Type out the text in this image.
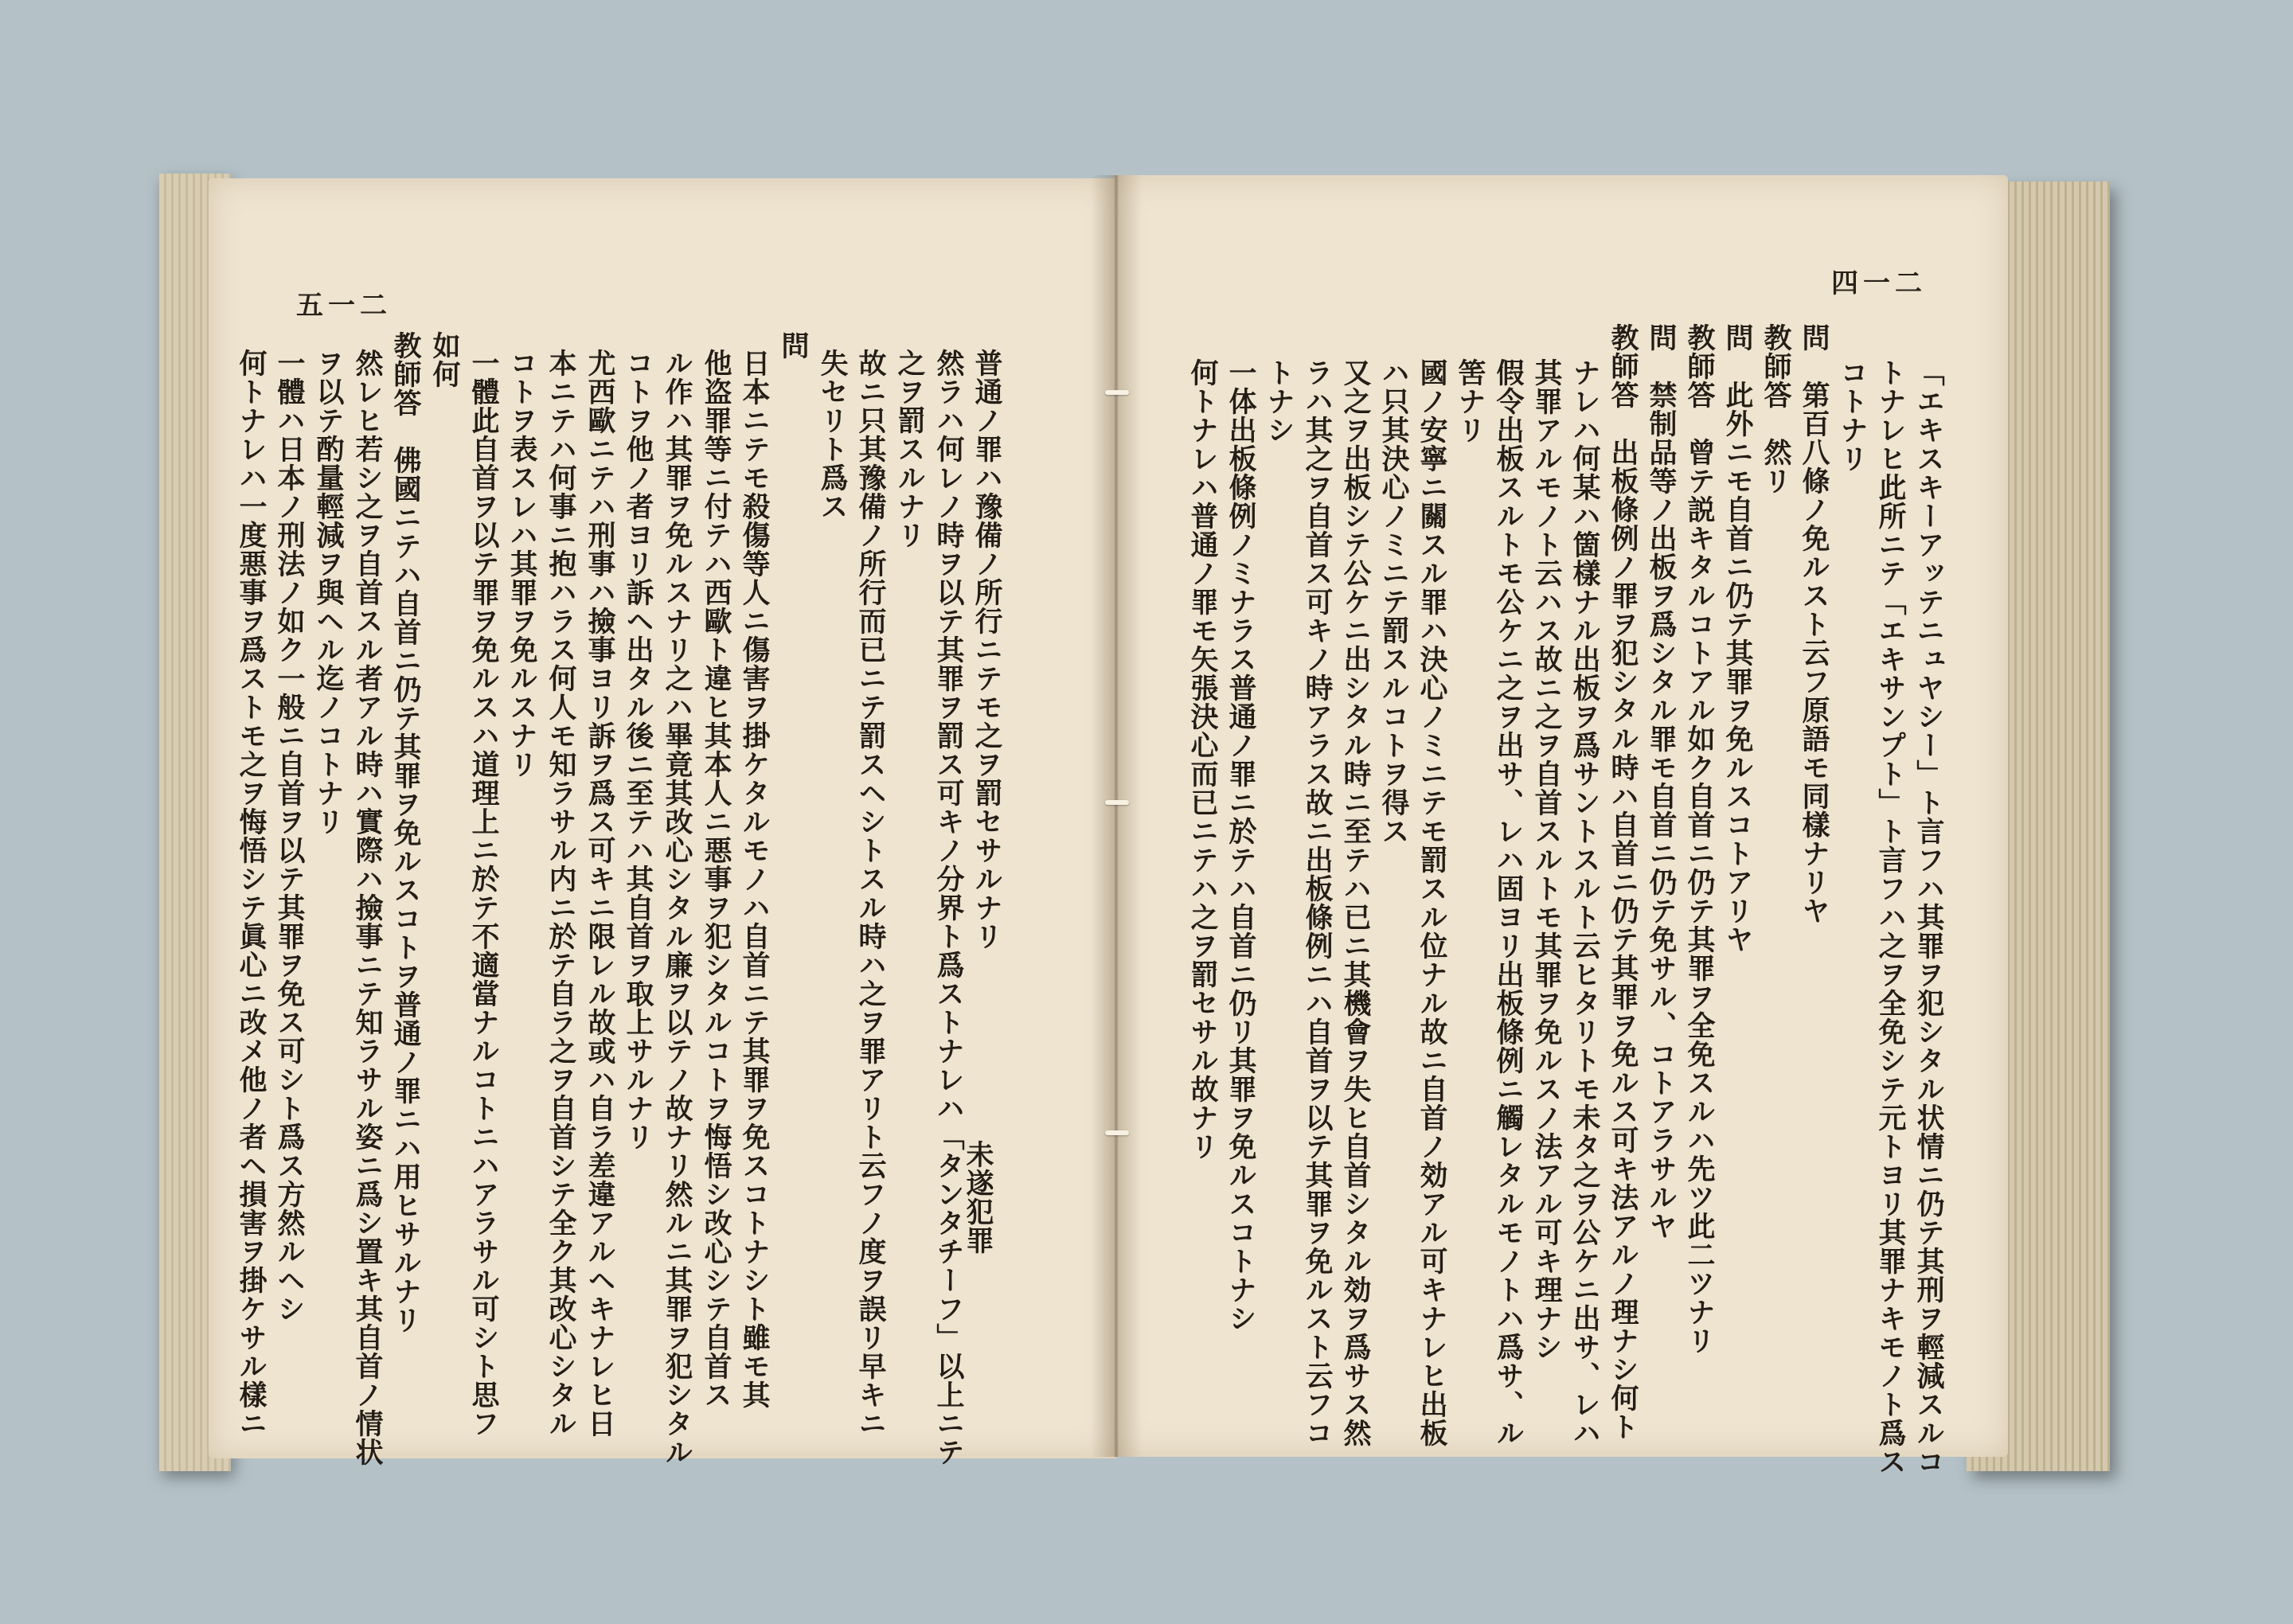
五一二
普通ノ罪ハ豫備ノ所行ニテモ之ヲ罰セサルナリ
然ラハ何レノ時ヲ以テ其罪ヲ罰ス可キノ分界ト爲ストナレハ「タンタチーフ」以上ニテ
之ヲ罰スルナリ
故ニ只其豫備ノ所行而已ニテ罰スヘシトスル時ハ之ヲ罪アリト云フノ度ヲ誤リ早キニ
失セリト爲ス
問
日本ニテモ殺傷等人ニ傷害ヲ掛ケタルモノハ自首ニテ其罪ヲ免スコトナシト雖モ其
他盗罪等ニ付テハ西歐ト違ヒ其本人ニ悪事ヲ犯シタルコトヲ悔悟シ改心シテ自首ス
ル作ハ其罪ヲ免ルスナリ之ハ畢竟其改心シタル廉ヲ以テノ故ナリ然ルニ其罪ヲ犯シタル
コトヲ他ノ者ヨリ訴ヘ出タル後ニ至テハ其自首ヲ取上サルナリ
尤西歐ニテハ刑事ハ撿事ヨリ訴ヲ爲ス可キニ限レル故或ハ自ラ差違アルヘキナレヒ日
本ニテハ何事ニ抱ハラス何人モ知ラサル内ニ於テ自ラ之ヲ自首シテ全ク其改心シタル
コトヲ表スレハ其罪ヲ免ルスナリ
一體此自首ヲ以テ罪ヲ免ルスハ道理上ニ於テ不適當ナルコトニハアラサル可シト思フ
如何
教師答　佛國ニテハ自首ニ仍テ其罪ヲ免ルスコトヲ普通ノ罪ニハ用ヒサルナリ
然レヒ若シ之ヲ自首スル者アル時ハ實際ハ撿事ニテ知ラサル姿ニ爲シ置キ其自首ノ情状
ヲ以テ酌量輕減ヲ與ヘル迄ノコトナリ
一體ハ日本ノ刑法ノ如ク一般ニ自首ヲ以テ其罪ヲ免ス可シト爲ス方然ルヘシ
何トナレハ一度悪事ヲ爲ストモ之ヲ悔悟シテ眞心ニ改メ他ノ者ヘ損害ヲ掛ケサル樣ニ	未遂犯罪
四一二
「エキスキーアッテニュヤシー」ト言フハ其罪ヲ犯シタル状情ニ仍テ其刑ヲ輕減スルコ
トナレヒ此所ニテ「エキサンプト」ト言フハ之ヲ全免シテ元トヨリ其罪ナキモノト爲ス
コトナリ
問　第百八條ノ免ルスト云フ原語モ同樣ナリヤ
教師答　然リ
問　此外ニモ自首ニ仍テ其罪ヲ免ルスコトアリヤ
教師答　曾テ説キタルコトアル如ク自首ニ仍テ其罪ヲ全免スルハ先ツ此二ツナリ
問　禁制品等ノ出板ヲ爲シタル罪モ自首ニ仍テ免サル、コトアラサルヤ
教師答　出板條例ノ罪ヲ犯シタル時ハ自首ニ仍テ其罪ヲ免ルス可キ法アルノ理ナシ何ト
ナレハ何某ハ箇樣ナル出板ヲ爲サントスルト云ヒタリトモ未タ之ヲ公ケニ出サ、レハ
其罪アルモノト云ハス故ニ之ヲ自首スルトモ其罪ヲ免ルスノ法アル可キ理ナシ
假令出板スルトモ公ケニ之ヲ出サ、レハ固ヨリ出板條例ニ觸レタルモノトハ爲サ、ル
筈ナリ
國ノ安寧ニ關スル罪ハ決心ノミニテモ罰スル位ナル故ニ自首ノ効アル可キナレヒ出板
ハ只其決心ノミニテ罰スルコトヲ得ス
又之ヲ出板シテ公ケニ出シタル時ニ至テハ已ニ其機會ヲ失ヒ自首シタル効ヲ爲サス然
ラハ其之ヲ自首ス可キノ時アラス故ニ出板條例ニハ自首ヲ以テ其罪ヲ免ルスト云フコ
トナシ
一体出板條例ノミナラス普通ノ罪ニ於テハ自首ニ仍リ其罪ヲ免ルスコトナシ
何トナレハ普通ノ罪モ矢張決心而已ニテハ之ヲ罰セサル故ナリ
